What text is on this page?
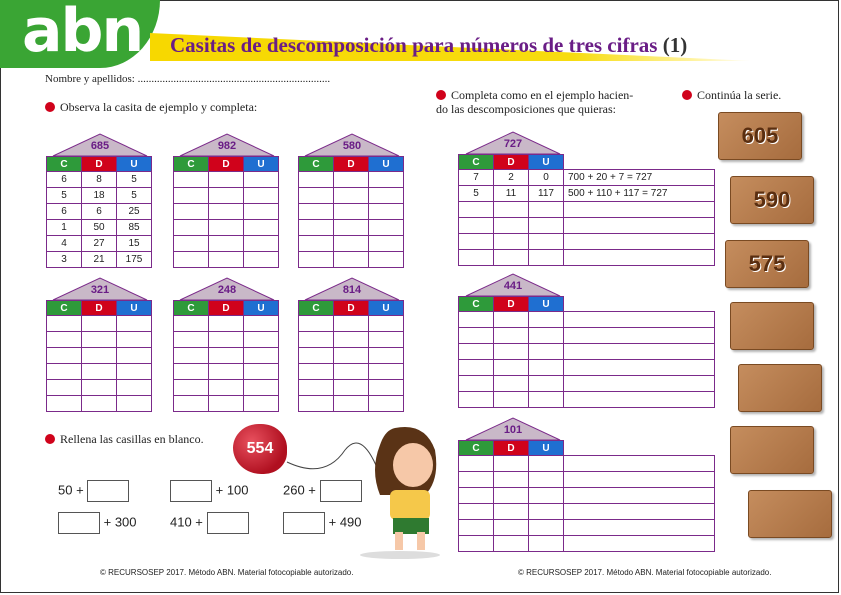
abn Casitas de descomposición para números de tres cifras (1)
Nombre y apellidos: ......................................................................
Observa la casita de ejemplo y completa:
Completa como en el ejemplo hacien-
do las descomposiciones que quieras:
Continúa la serie.
Rellena las casillas en blanco.
685
C	D	U
6	8	5
5	18	5
6	6	25
1	50	85
4	27	15
3	21	175
982
C	D	U

580
C	D	U

321
C	D	U

248
C	D	U

814
C	D	U

727
C	D	U	
7	2	0	700 + 20 + 7 = 727
5	11	117	500 + 110 + 117 = 727

441
C	D	U	

101
C	D	U	

605
590
575
50 +	+ 100	260 +
+ 300	410 +	+ 490
554
© RECURSOSEP 2017. Método ABN. Material fotocopiable autorizado.	© RECURSOSEP 2017. Método ABN. Material fotocopiable autorizado.
